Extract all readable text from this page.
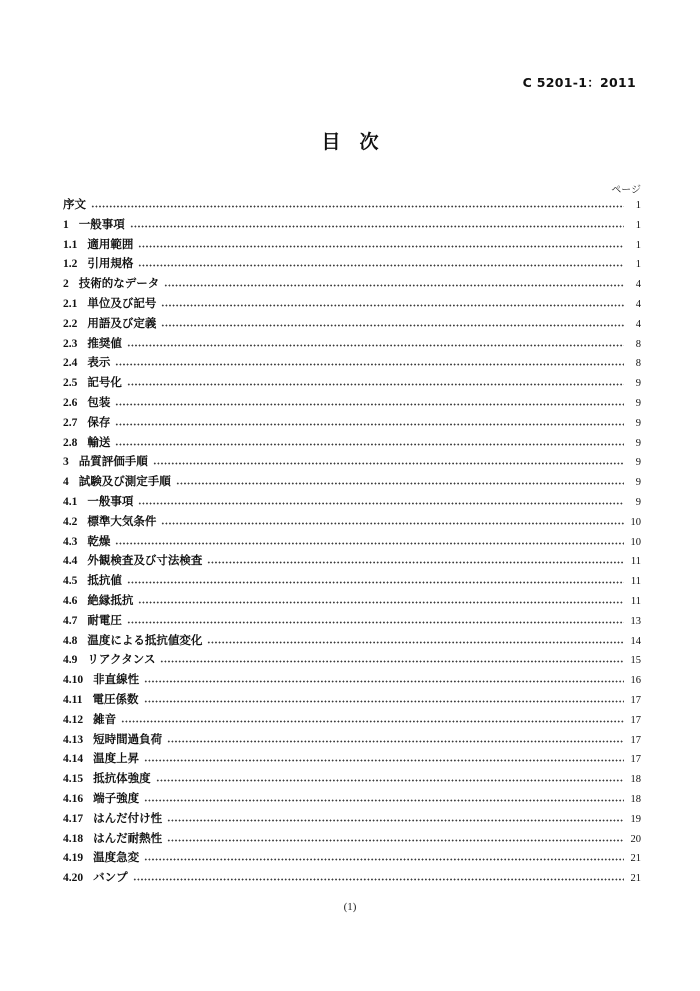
C 5201-1：2011
目　次
ページ
序文	1
1 一般事項	1
1.1 適用範囲	1
1.2 引用規格	1
2 技術的なデータ	4
2.1 単位及び記号	4
2.2 用語及び定義	4
2.3 推奨値	8
2.4 表示	8
2.5 記号化	9
2.6 包装	9
2.7 保存	9
2.8 輸送	9
3 品質評価手順	9
4 試験及び測定手順	9
4.1 一般事項	9
4.2 標準大気条件	10
4.3 乾燥	10
4.4 外観検査及び寸法検査	11
4.5 抵抗値	11
4.6 絶縁抵抗	11
4.7 耐電圧	13
4.8 温度による抵抗値変化	14
4.9 リアクタンス	15
4.10 非直線性	16
4.11 電圧係数	17
4.12 雑音	17
4.13 短時間過負荷	17
4.14 温度上昇	17
4.15 抵抗体強度	18
4.16 端子強度	18
4.17 はんだ付け性	19
4.18 はんだ耐熱性	20
4.19 温度急変	21
4.20 バンプ	21
(1)
